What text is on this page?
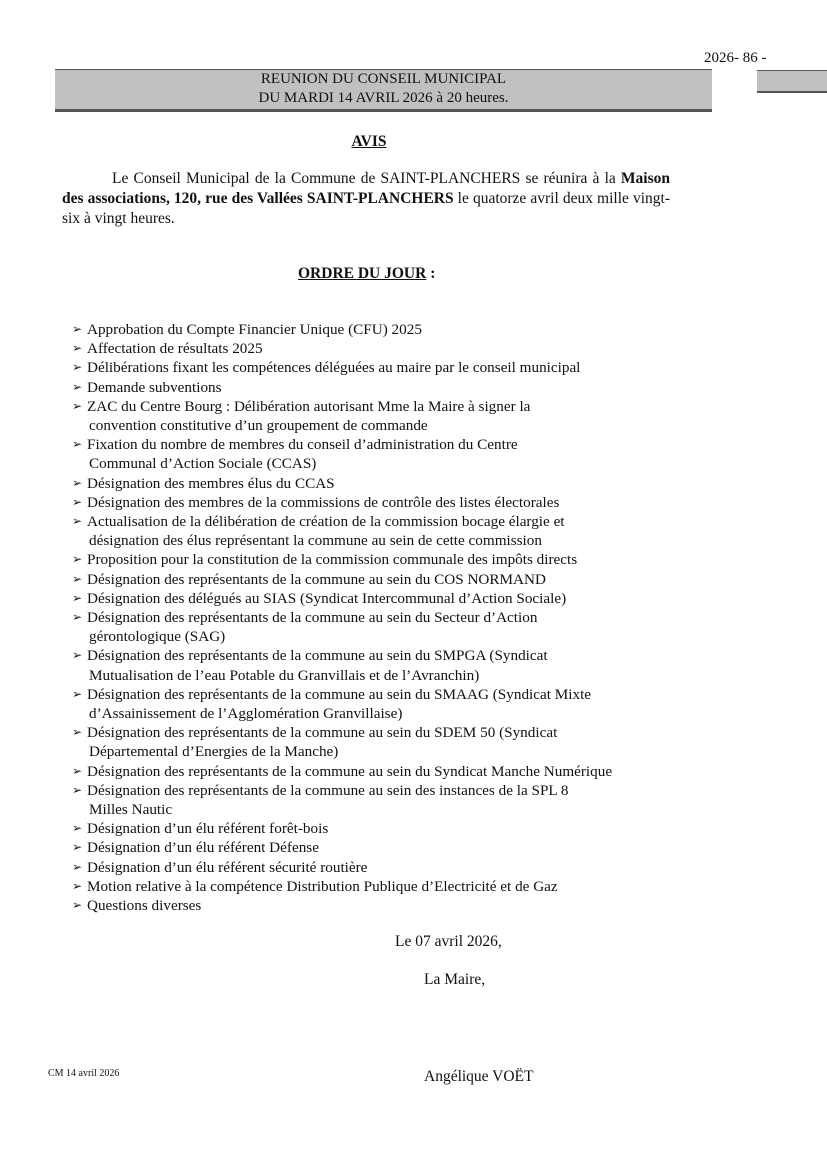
2026- 86 -
REUNION DU CONSEIL MUNICIPAL
DU MARDI 14 AVRIL 2026 à 20 heures.
AVIS

Le Conseil Municipal de la Commune de SAINT-PLANCHERS se réunira à la Maison des associations, 120, rue des Vallées SAINT-PLANCHERS le quatorze avril deux mille vingt-six à vingt heures.

ORDRE DU JOUR :
➢ Approbation du Compte Financier Unique (CFU) 2025
➢ Affectation de résultats 2025
➢ Délibérations fixant les compétences déléguées au maire par le conseil municipal
➢ Demande subventions
➢ ZAC du Centre Bourg : Délibération autorisant Mme la Maire à signer la
convention constitutive d’un groupement de commande
➢ Fixation du nombre de membres du conseil d’administration du Centre
Communal d’Action Sociale (CCAS)
➢ Désignation des membres élus du CCAS
➢ Désignation des membres de la commissions de contrôle des listes électorales
➢ Actualisation de la délibération de création de la commission bocage élargie et
désignation des élus représentant la commune au sein de cette commission
➢ Proposition pour la constitution de la commission communale des impôts directs
➢ Désignation des représentants de la commune au sein du COS NORMAND
➢ Désignation des délégués au SIAS (Syndicat Intercommunal d’Action Sociale)
➢ Désignation des représentants de la commune au sein du Secteur d’Action
gérontologique (SAG)
➢ Désignation des représentants de la commune au sein du SMPGA (Syndicat
Mutualisation de l’eau Potable du Granvillais et de l’Avranchin)
➢ Désignation des représentants de la commune au sein du SMAAG (Syndicat Mixte
d’Assainissement de l’Agglomération Granvillaise)
➢ Désignation des représentants de la commune au sein du SDEM 50 (Syndicat
Départemental d’Energies de la Manche)
➢ Désignation des représentants de la commune au sein du Syndicat Manche Numérique
➢ Désignation des représentants de la commune au sein des instances de la SPL 8
Milles Nautic
➢ Désignation d’un élu référent forêt-bois
➢ Désignation d’un élu référent Défense
➢ Désignation d’un élu référent sécurité routière
➢ Motion relative à la compétence Distribution Publique d’Electricité et de Gaz
➢ Questions diverses
Le 07 avril 2026,
La Maire,
Angélique VOËT
CM 14 avril 2026
